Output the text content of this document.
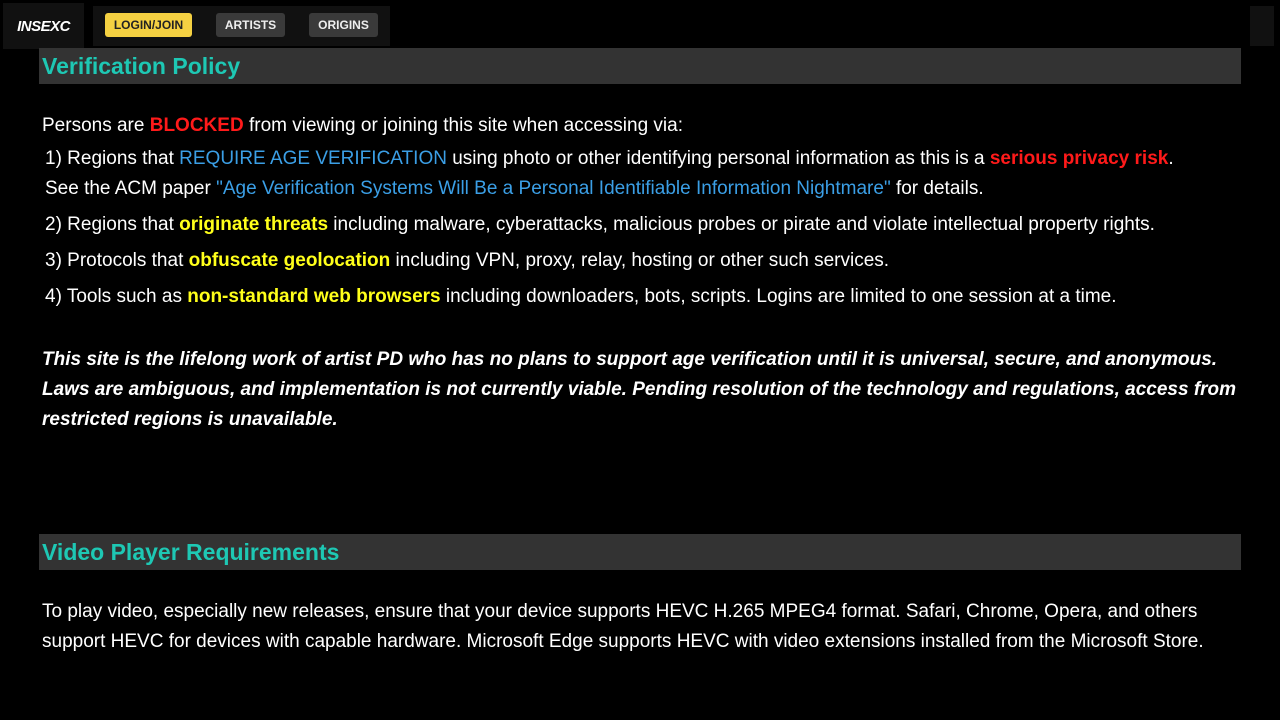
INSEXC	LOGIN/JOIN	ARTISTS	ORIGINS
Verification Policy
Persons are BLOCKED from viewing or joining this site when accessing via:
1) Regions that REQUIRE AGE VERIFICATION using photo or other identifying personal information as this is a serious privacy risk.
See the ACM paper "Age Verification Systems Will Be a Personal Identifiable Information Nightmare" for details.
2) Regions that originate threats including malware, cyberattacks, malicious probes or pirate and violate intellectual property rights.
3) Protocols that obfuscate geolocation including VPN, proxy, relay, hosting or other such services.
4) Tools such as non-standard web browsers including downloaders, bots, scripts. Logins are limited to one session at a time.
This site is the lifelong work of artist PD who has no plans to support age verification until it is universal, secure, and anonymous. Laws are ambiguous, and implementation is not currently viable. Pending resolution of the technology and regulations, access from restricted regions is unavailable.
Video Player Requirements
To play video, especially new releases, ensure that your device supports HEVC H.265 MPEG4 format. Safari, Chrome, Opera, and others support HEVC for devices with capable hardware. Microsoft Edge supports HEVC with video extensions installed from the Microsoft Store.
